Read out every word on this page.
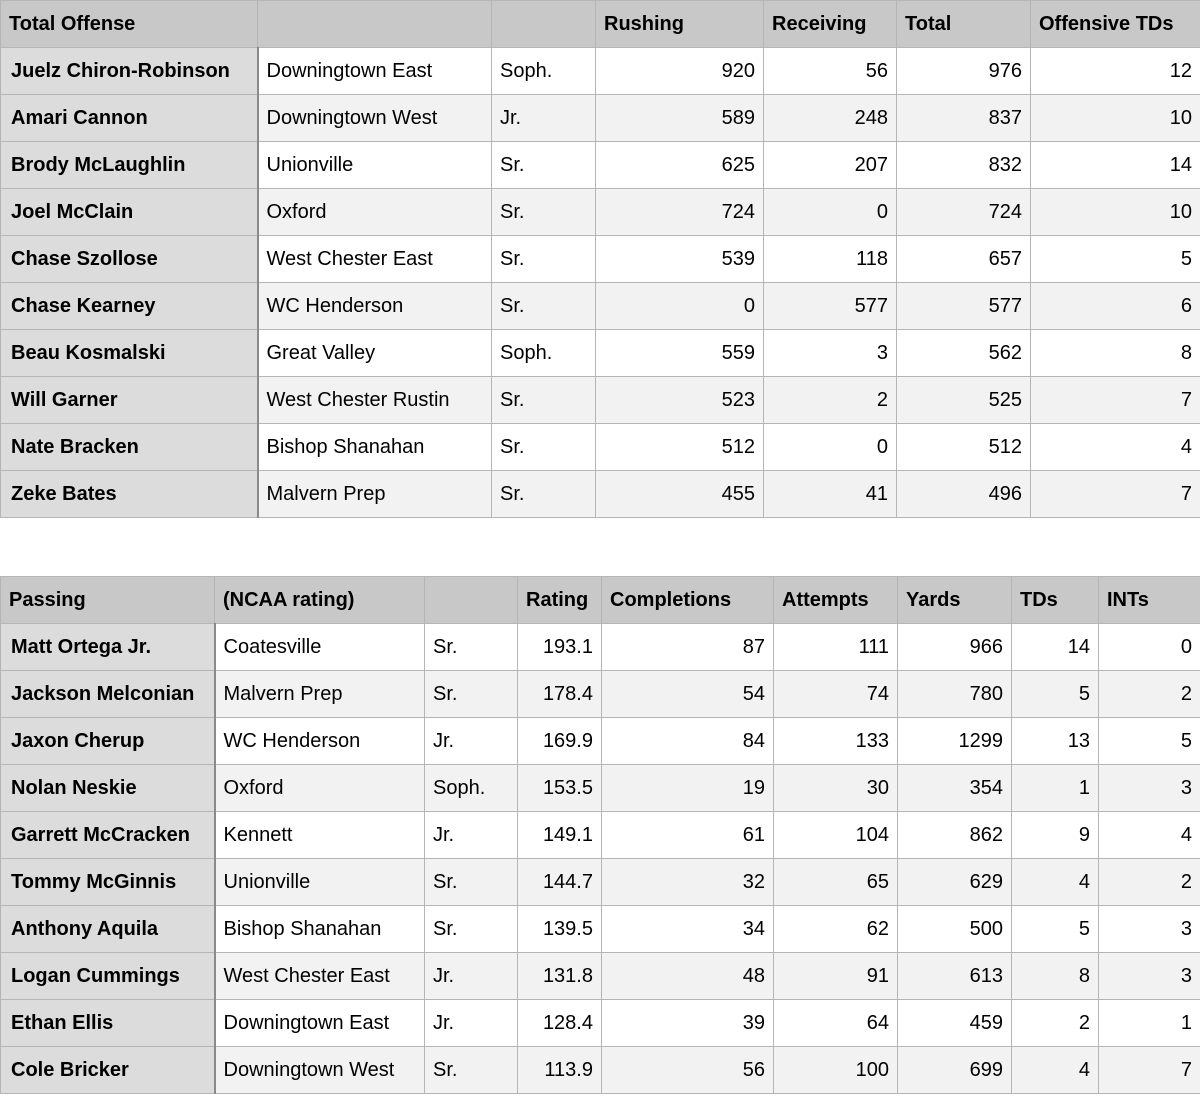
Total Offense			Rushing	Receiving	Total	Offensive TDs
Juelz Chiron-Robinson	Downingtown East	Soph.	920	56	976	12
Amari Cannon	Downingtown West	Jr.	589	248	837	10
Brody McLaughlin	Unionville	Sr.	625	207	832	14
Joel McClain	Oxford	Sr.	724	0	724	10
Chase Szollose	West Chester East	Sr.	539	118	657	5
Chase Kearney	WC Henderson	Sr.	0	577	577	6
Beau Kosmalski	Great Valley	Soph.	559	3	562	8
Will Garner	West Chester Rustin	Sr.	523	2	525	7
Nate Bracken	Bishop Shanahan	Sr.	512	0	512	4
Zeke Bates	Malvern Prep	Sr.	455	41	496	7
Passing	(NCAA rating)		Rating	Completions	Attempts	Yards	TDs	INTs
Matt Ortega Jr.	Coatesville	Sr.	193.1	87	111	966	14	0
Jackson Melconian	Malvern Prep	Sr.	178.4	54	74	780	5	2
Jaxon Cherup	WC Henderson	Jr.	169.9	84	133	1299	13	5
Nolan Neskie	Oxford	Soph.	153.5	19	30	354	1	3
Garrett McCracken	Kennett	Jr.	149.1	61	104	862	9	4
Tommy McGinnis	Unionville	Sr.	144.7	32	65	629	4	2
Anthony Aquila	Bishop Shanahan	Sr.	139.5	34	62	500	5	3
Logan Cummings	West Chester East	Jr.	131.8	48	91	613	8	3
Ethan Ellis	Downingtown East	Jr.	128.4	39	64	459	2	1
Cole Bricker	Downingtown West	Sr.	113.9	56	100	699	4	7
